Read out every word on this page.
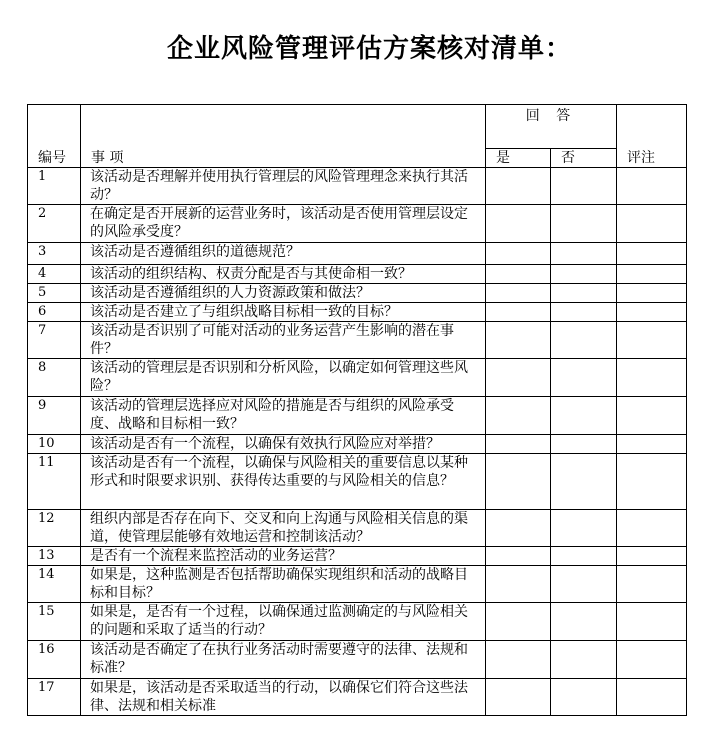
企业风险管理评估方案核对清单：
编号	事 项	回 答		评注
		是	否	
1	该活动是否理解并使用执行管理层的风险管理理念来执行其活动？			
2	在确定是否开展新的运营业务时，该活动是否使用管理层设定的风险承受度？			
3	该活动是否遵循组织的道德规范？			
4	该活动的组织结构、权责分配是否与其使命相一致？			
5	该活动是否遵循组织的人力资源政策和做法？			
6	该活动是否建立了与组织战略目标相一致的目标？			
7	该活动是否识别了可能对活动的业务运营产生影响的潜在事件？			
8	该活动的管理层是否识别和分析风险，以确定如何管理这些风险？			
9	该活动的管理层选择应对风险的措施是否与组织的风险承受度、战略和目标相一致？			
10	该活动是否有一个流程，以确保有效执行风险应对举措？			
11	该活动是否有一个流程，以确保与风险相关的重要信息以某种形式和时限要求识别、获得传达重要的与风险相关的信息？			
12	组织内部是否存在向下、交叉和向上沟通与风险相关信息的渠道，使管理层能够有效地运营和控制该活动？			
13	是否有一个流程来监控活动的业务运营？			
14	如果是，这种监测是否包括帮助确保实现组织和活动的战略目标和目标？			
15	如果是，是否有一个过程，以确保通过监测确定的与风险相关的问题和采取了适当的行动？			
16	该活动是否确定了在执行业务活动时需要遵守的法律、法规和标准？			
17	如果是，该活动是否采取适当的行动，以确保它们符合这些法律、法规和相关标准			
